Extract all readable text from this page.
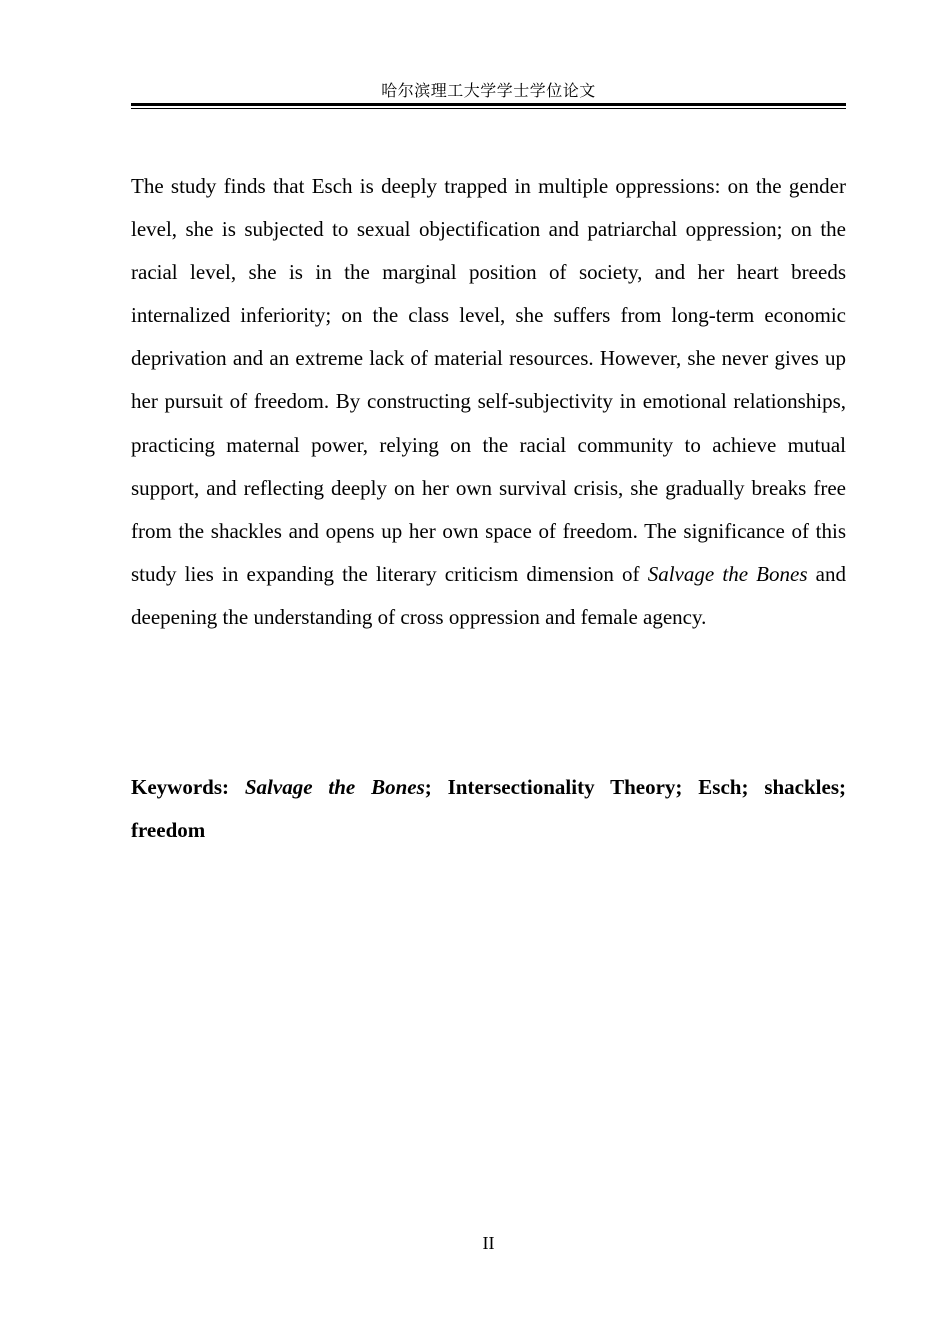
哈尔滨理工大学学士学位论文

The study finds that Esch is deeply trapped in multiple oppressions: on the gender level, she is subjected to sexual objectification and patriarchal oppression; on the racial level, she is in the marginal position of society, and her heart breeds internalized inferiority; on the class level, she suffers from long-term economic deprivation and an extreme lack of material resources. However, she never gives up her pursuit of freedom. By constructing self-subjectivity in emotional relationships, practicing maternal power, relying on the racial community to achieve mutual support, and reflecting deeply on her own survival crisis, she gradually breaks free from the shackles and opens up her own space of freedom. The significance of this study lies in expanding the literary criticism dimension of Salvage the Bones and deepening the understanding of cross oppression and female agency.

Keywords: Salvage the Bones; Intersectionality Theory; Esch; shackles; freedom

II
